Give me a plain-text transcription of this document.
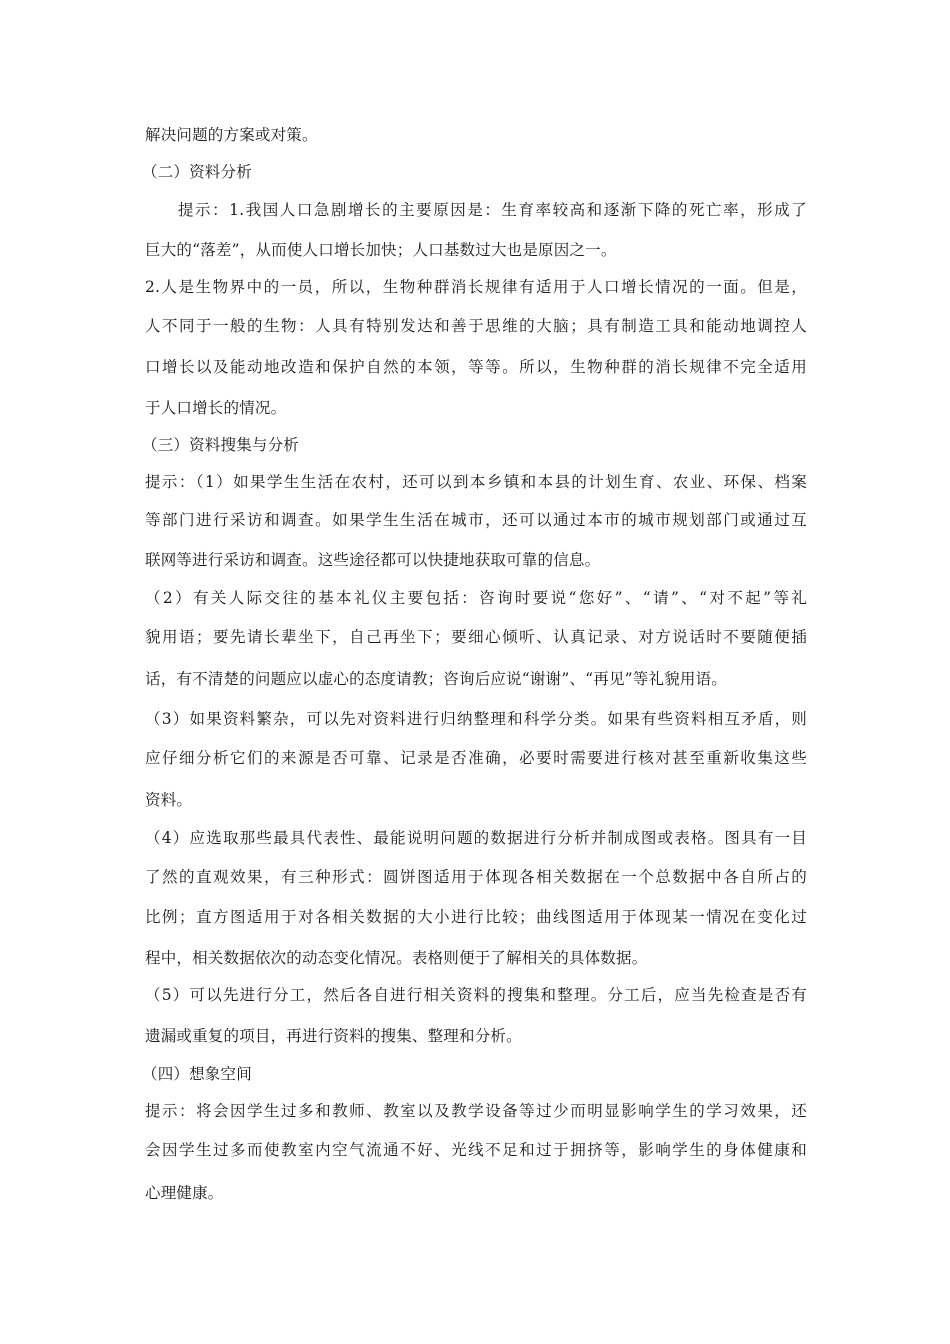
解决问题的方案或对策。
（二）资料分析
提示：1.我国人口急剧增长的主要原因是：生育率较高和逐渐下降的死亡率，形成了
巨大的“落差”，从而使人口增长加快；人口基数过大也是原因之一。
2.人是生物界中的一员，所以，生物种群消长规律有适用于人口增长情况的一面。但是，
人不同于一般的生物：人具有特别发达和善于思维的大脑；具有制造工具和能动地调控人
口增长以及能动地改造和保护自然的本领，等等。所以，生物种群的消长规律不完全适用
于人口增长的情况。
（三）资料搜集与分析
提示：（1）如果学生生活在农村，还可以到本乡镇和本县的计划生育、农业、环保、档案
等部门进行采访和调查。如果学生生活在城市，还可以通过本市的城市规划部门或通过互
联网等进行采访和调查。这些途径都可以快捷地获取可靠的信息。
（2）有关人际交往的基本礼仪主要包括：咨询时要说“您好”、“请”、“对不起”等礼
貌用语；要先请长辈坐下，自己再坐下；要细心倾听、认真记录、对方说话时不要随便插
话，有不清楚的问题应以虚心的态度请教；咨询后应说“谢谢”、“再见”等礼貌用语。
（3）如果资料繁杂，可以先对资料进行归纳整理和科学分类。如果有些资料相互矛盾，则
应仔细分析它们的来源是否可靠、记录是否准确，必要时需要进行核对甚至重新收集这些
资料。
（4）应选取那些最具代表性、最能说明问题的数据进行分析并制成图或表格。图具有一目
了然的直观效果，有三种形式：圆饼图适用于体现各相关数据在一个总数据中各自所占的
比例；直方图适用于对各相关数据的大小进行比较；曲线图适用于体现某一情况在变化过
程中，相关数据依次的动态变化情况。表格则便于了解相关的具体数据。
（5）可以先进行分工，然后各自进行相关资料的搜集和整理。分工后，应当先检查是否有
遗漏或重复的项目，再进行资料的搜集、整理和分析。
（四）想象空间
提示：将会因学生过多和教师、教室以及教学设备等过少而明显影响学生的学习效果，还
会因学生过多而使教室内空气流通不好、光线不足和过于拥挤等，影响学生的身体健康和
心理健康。
